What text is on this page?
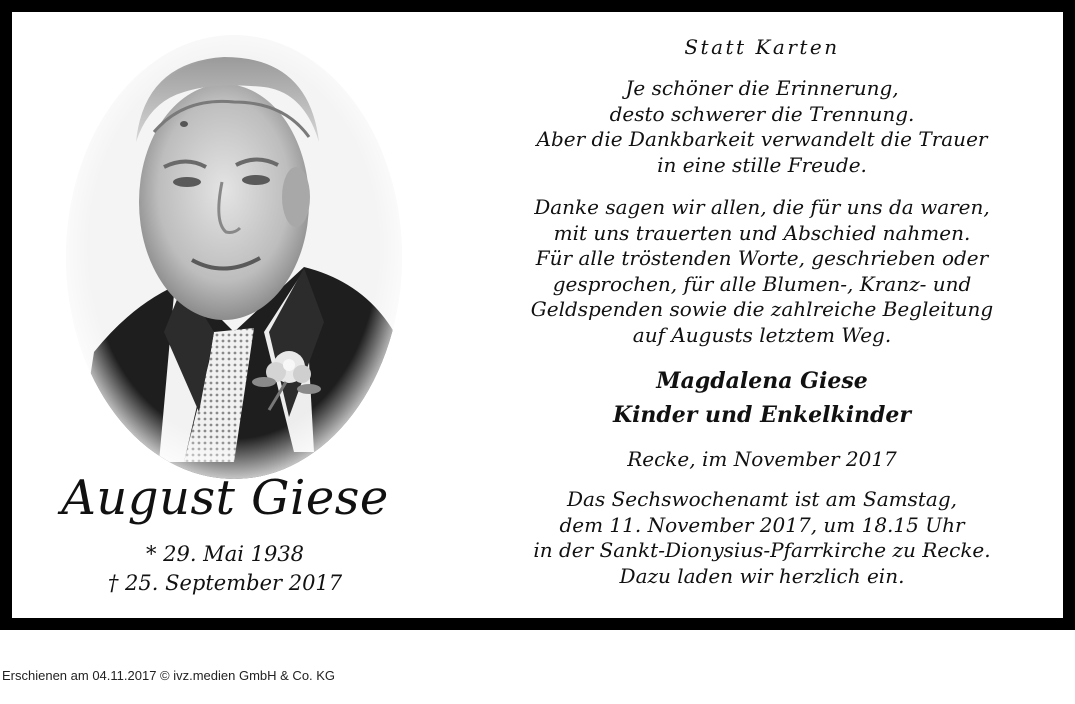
August Giese
* 29. Mai 1938
† 25. September 2017
Statt Karten
Je schöner die Erinnerung,
desto schwerer die Trennung.
Aber die Dankbarkeit verwandelt die Trauer
in eine stille Freude.
Danke sagen wir allen, die für uns da waren,
mit uns trauerten und Abschied nahmen.
Für alle tröstenden Worte, geschrieben oder
gesprochen, für alle Blumen-, Kranz- und
Geldspenden sowie die zahlreiche Begleitung
auf Augusts letztem Weg.
Magdalena Giese
Kinder und Enkelkinder
Recke, im November 2017
Das Sechswochenamt ist am Samstag,
dem 11. November 2017, um 18.15 Uhr
in der Sankt-Dionysius-Pfarrkirche zu Recke.
Dazu laden wir herzlich ein.
Erschienen am 04.11.2017 © ivz.medien GmbH & Co. KG
